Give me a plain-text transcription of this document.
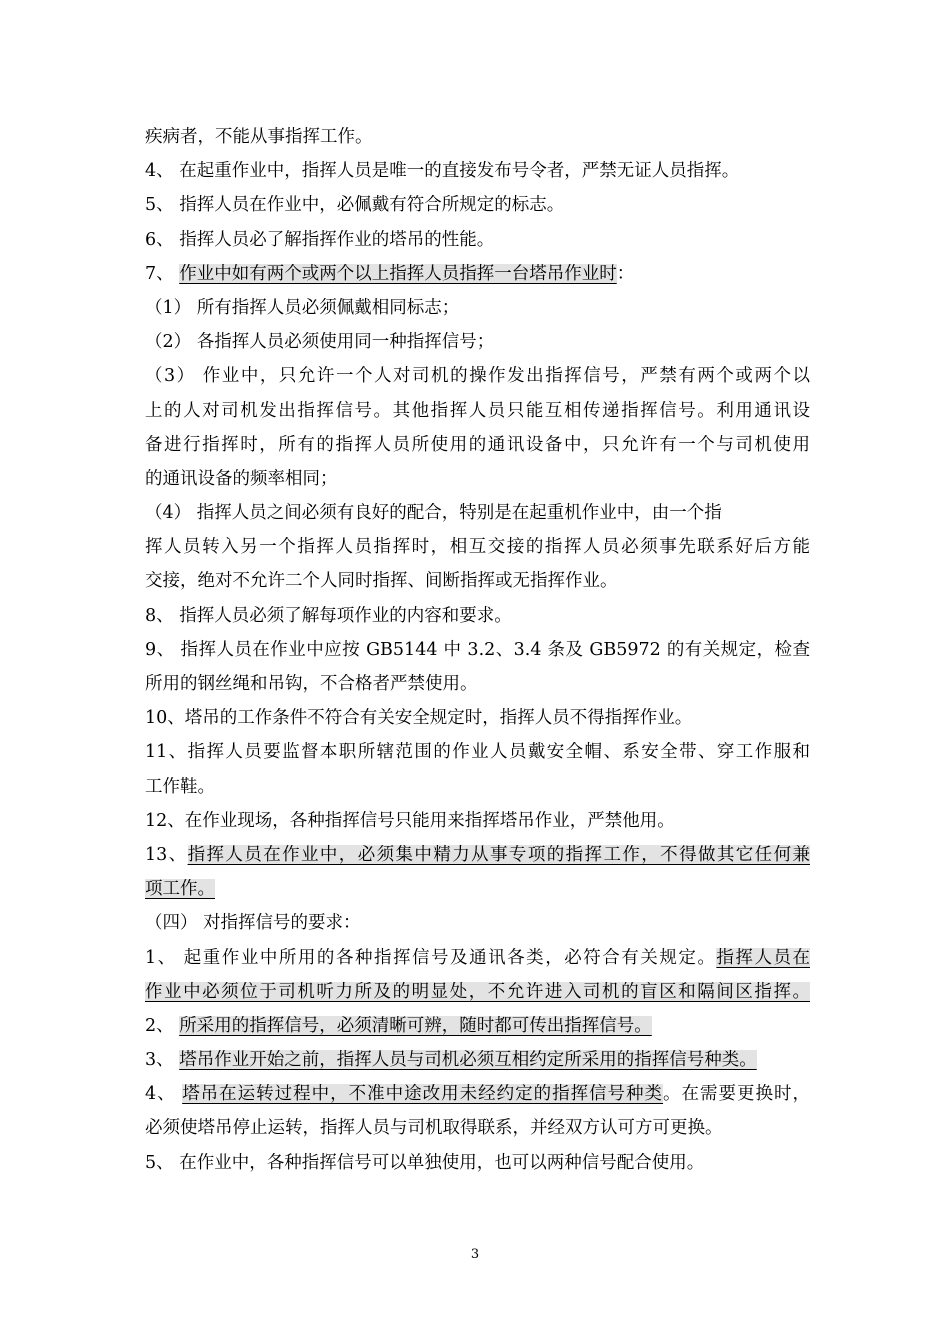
疾病者，不能从事指挥工作。
4、 在起重作业中，指挥人员是唯一的直接发布号令者，严禁无证人员指挥。
5、 指挥人员在作业中，必佩戴有符合所规定的标志。
6、 指挥人员必了解指挥作业的塔吊的性能。
7、 作业中如有两个或两个以上指挥人员指挥一台塔吊作业时：
（1） 所有指挥人员必须佩戴相同标志；
（2） 各指挥人员必须使用同一种指挥信号；
（3） 作业中，只允许一个人对司机的操作发出指挥信号，严禁有两个或两个以
上的人对司机发出指挥信号。其他指挥人员只能互相传递指挥信号。利用通讯设
备进行指挥时，所有的指挥人员所使用的通讯设备中，只允许有一个与司机使用
的通讯设备的频率相同；
（4） 指挥人员之间必须有良好的配合，特别是在起重机作业中，由一个指
挥人员转入另一个指挥人员指挥时，相互交接的指挥人员必须事先联系好后方能
交接，绝对不允许二个人同时指挥、间断指挥或无指挥作业。
8、 指挥人员必须了解每项作业的内容和要求。
9、 指挥人员在作业中应按 GB5144 中 3.2、3.4 条及 GB5972 的有关规定，检查
所用的钢丝绳和吊钩，不合格者严禁使用。
10、塔吊的工作条件不符合有关安全规定时，指挥人员不得指挥作业。
11、指挥人员要监督本职所辖范围的作业人员戴安全帽、系安全带、穿工作服和
工作鞋。
12、在作业现场，各种指挥信号只能用来指挥塔吊作业，严禁他用。
13、指挥人员在作业中，必须集中精力从事专项的指挥工作，不得做其它任何兼
项工作。
（四） 对指挥信号的要求：
1、 起重作业中所用的各种指挥信号及通讯各类，必符合有关规定。指挥人员在
作业中必须位于司机听力所及的明显处，不允许进入司机的盲区和隔间区指挥。
2、 所采用的指挥信号，必须清晰可辨，随时都可传出指挥信号。
3、 塔吊作业开始之前，指挥人员与司机必须互相约定所采用的指挥信号种类。
4、 塔吊在运转过程中，不准中途改用未经约定的指挥信号种类。在需要更换时，
必须使塔吊停止运转，指挥人员与司机取得联系，并经双方认可方可更换。
5、 在作业中，各种指挥信号可以单独使用，也可以两种信号配合使用。
3
